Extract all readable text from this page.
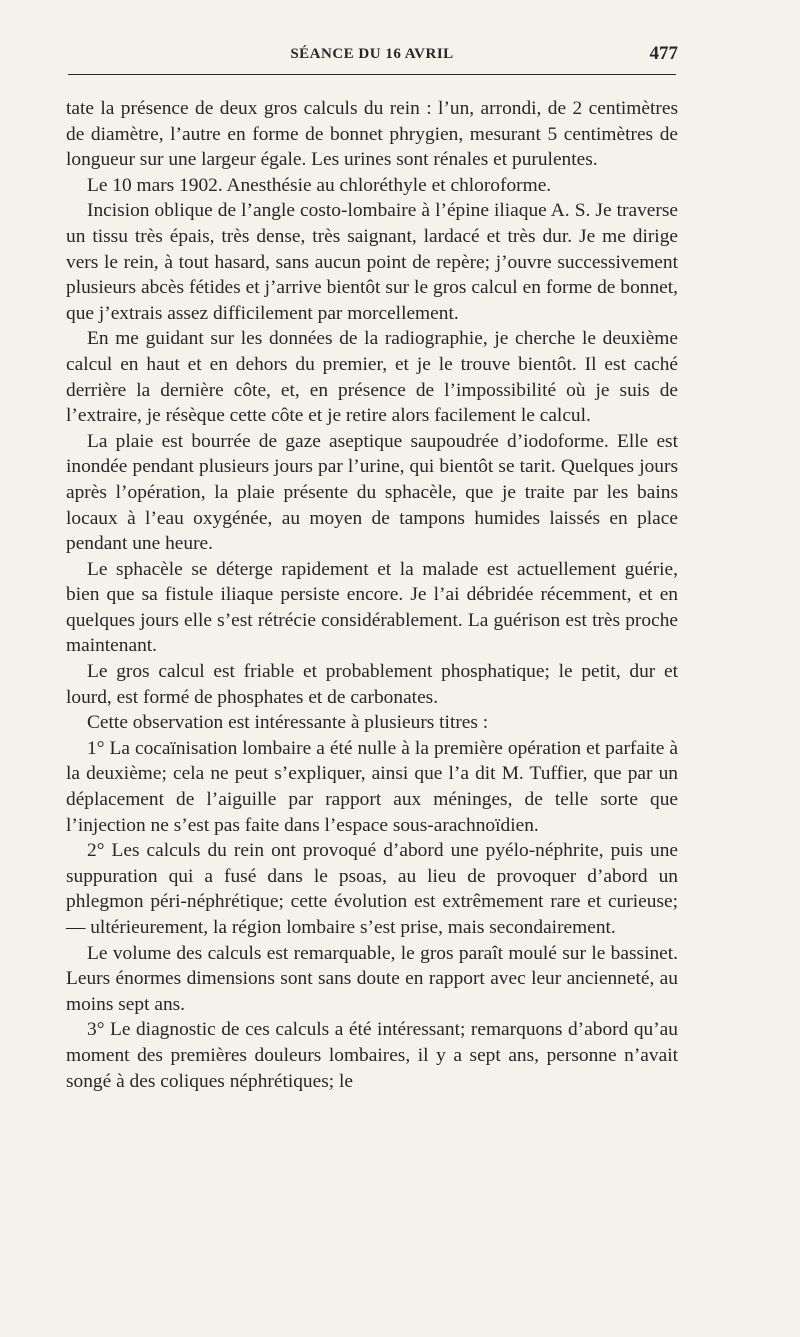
SÉANCE DU 16 AVRIL	477

tate la présence de deux gros calculs du rein : l’un, arrondi, de 2 centimètres de diamètre, l’autre en forme de bonnet phrygien, mesurant 5 centimètres de longueur sur une largeur égale. Les urines sont rénales et purulentes.

Le 10 mars 1902. Anesthésie au chloréthyle et chloroforme.

Incision oblique de l’angle costo-lombaire à l’épine iliaque A. S. Je traverse un tissu très épais, très dense, très saignant, lardacé et très dur. Je me dirige vers le rein, à tout hasard, sans aucun point de repère; j’ouvre successivement plusieurs abcès fétides et j’arrive bientôt sur le gros calcul en forme de bonnet, que j’extrais assez difficilement par morcellement.

En me guidant sur les données de la radiographie, je cherche le deuxième calcul en haut et en dehors du premier, et je le trouve bientôt. Il est caché derrière la dernière côte, et, en présence de l’impossibilité où je suis de l’extraire, je résèque cette côte et je retire alors facilement le calcul.

La plaie est bourrée de gaze aseptique saupoudrée d’iodoforme. Elle est inondée pendant plusieurs jours par l’urine, qui bientôt se tarit. Quelques jours après l’opération, la plaie présente du sphacèle, que je traite par les bains locaux à l’eau oxygénée, au moyen de tampons humides laissés en place pendant une heure.

Le sphacèle se déterge rapidement et la malade est actuellement guérie, bien que sa fistule iliaque persiste encore. Je l’ai débridée récemment, et en quelques jours elle s’est rétrécie considérablement. La guérison est très proche maintenant.

Le gros calcul est friable et probablement phosphatique; le petit, dur et lourd, est formé de phosphates et de carbonates.

Cette observation est intéressante à plusieurs titres :

1° La cocaïnisation lombaire a été nulle à la première opération et parfaite à la deuxième; cela ne peut s’expliquer, ainsi que l’a dit M. Tuffier, que par un déplacement de l’aiguille par rapport aux méninges, de telle sorte que l’injection ne s’est pas faite dans l’espace sous-arachnoïdien.

2° Les calculs du rein ont provoqué d’abord une pyélo-néphrite, puis une suppuration qui a fusé dans le psoas, au lieu de provoquer d’abord un phlegmon péri-néphrétique; cette évolution est extrêmement rare et curieuse; — ultérieurement, la région lombaire s’est prise, mais secondairement.

Le volume des calculs est remarquable, le gros paraît moulé sur le bassinet. Leurs énormes dimensions sont sans doute en rapport avec leur ancienneté, au moins sept ans.

3° Le diagnostic de ces calculs a été intéressant; remarquons d’abord qu’au moment des premières douleurs lombaires, il y a sept ans, personne n’avait songé à des coliques néphrétiques; le
